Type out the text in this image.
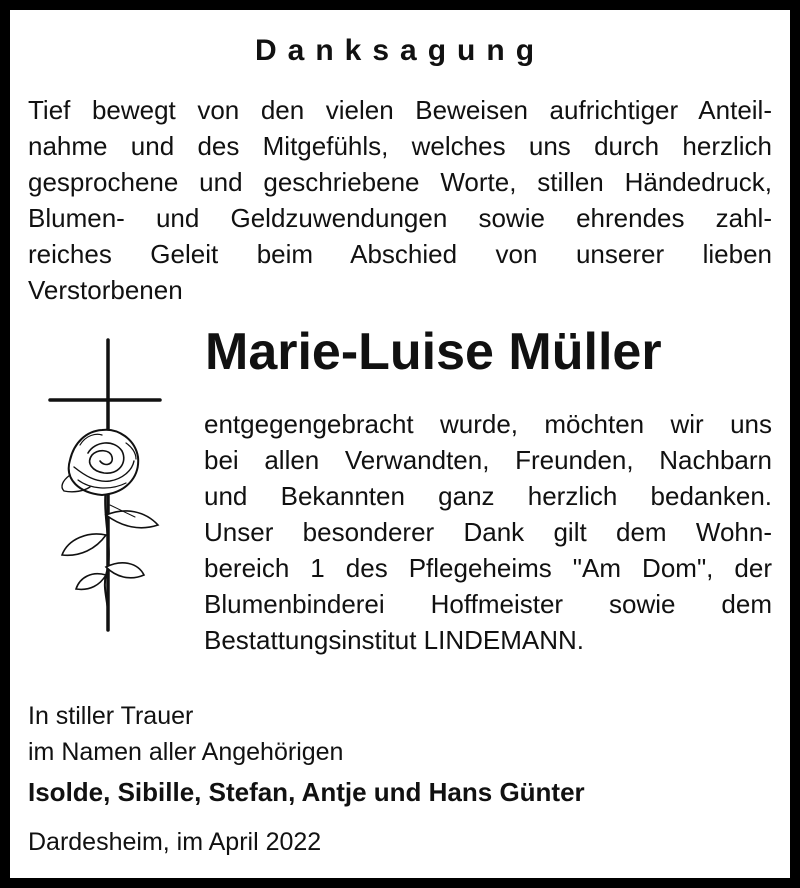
Danksagung

Tief bewegt von den vielen Beweisen aufrichtiger Anteil-
nahme und des Mitgefühls, welches uns durch herzlich
gesprochene und geschriebene Worte, stillen Händedruck,
Blumen- und Geldzuwendungen sowie ehrendes zahl-
reiches Geleit beim Abschied von unserer lieben
Verstorbenen

Marie-Luise Müller

entgegengebracht wurde, möchten wir uns
bei allen Verwandten, Freunden, Nachbarn
und Bekannten ganz herzlich bedanken.
Unser besonderer Dank gilt dem Wohn-
bereich 1 des Pflegeheims "Am Dom", der
Blumenbinderei Hoffmeister sowie dem
Bestattungsinstitut LINDEMANN.

In stiller Trauer
im Namen aller Angehörigen
Isolde, Sibille, Stefan, Antje und Hans Günter
Dardesheim, im April 2022
